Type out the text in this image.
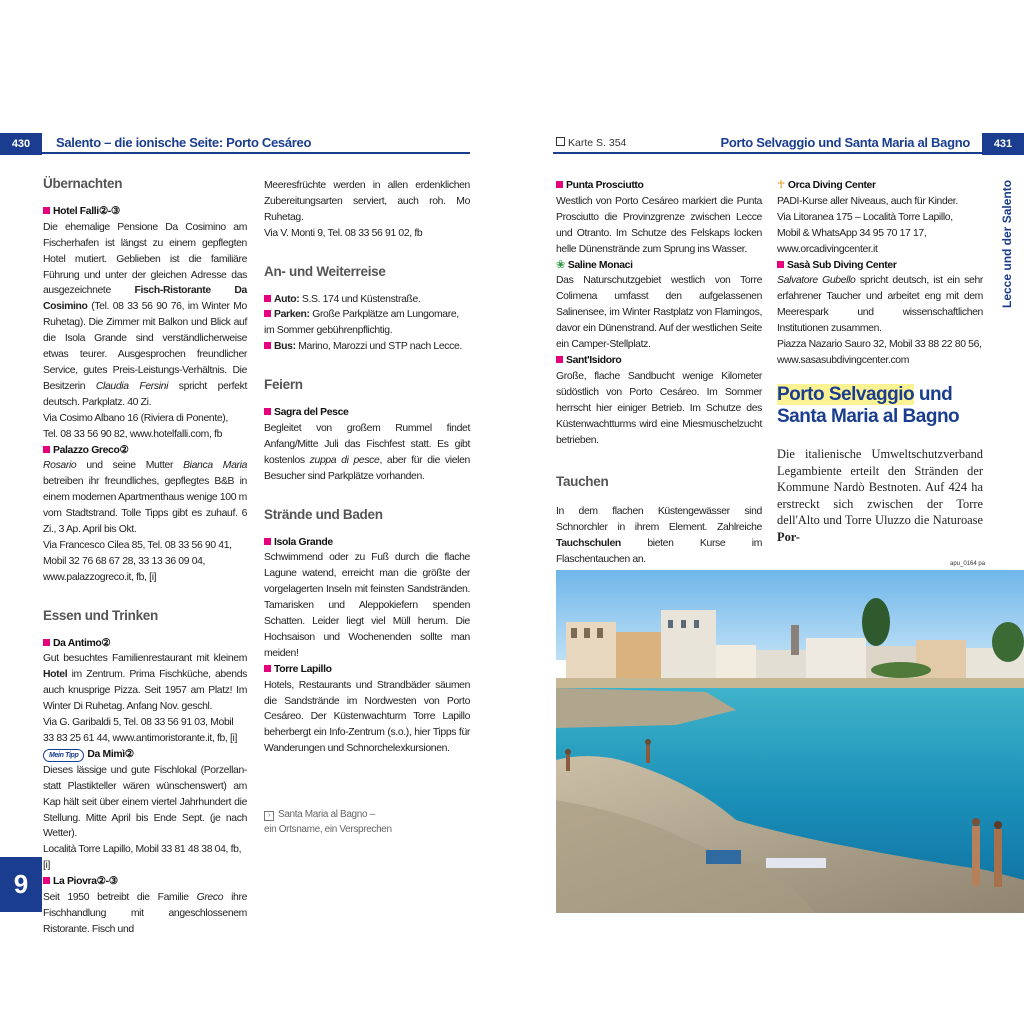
430	Salento – die ionische Seite: Porto Cesáreo
9

Übernachten

Hotel Falli②-③

Die ehemalige Pensione Da Cosimino am Fischerhafen ist längst zu einem gepflegten Hotel mutiert. Geblieben ist die familiäre Führung und unter der gleichen Adresse das ausgezeichnete Fisch-Ristorante Da Cosimino (Tel. 08 33 56 90 76, im Winter Mo Ruhetag). Die Zimmer mit Balkon und Blick auf die Isola Grande sind verständlicherweise etwas teurer. Ausgesprochen freundlicher Service, gutes Preis-Leistungs-Verhältnis. Die Besitzerin Claudia Fersini spricht perfekt deutsch. Parkplatz. 40 Zi.

Via Cosimo Albano 16 (Riviera di Ponente),

Tel. 08 33 56 90 82, www.hotelfalli.com, fb

Palazzo Greco②

Rosario und seine Mutter Bianca Maria betreiben ihr freundliches, gepflegtes B&B in einem modernen Apartmenthaus wenige 100 m vom Stadtstrand. Tolle Tipps gibt es zuhauf. 6 Zi., 3 Ap. April bis Okt.

Via Francesco Cilea 85, Tel. 08 33 56 90 41,

Mobil 32 76 68 67 28, 33 13 36 09 04,

www.palazzogreco.it, fb, [i]

Essen und Trinken

Da Antimo②

Gut besuchtes Familienrestaurant mit kleinem Hotel im Zentrum. Prima Fischküche, abends auch knusprige Pizza. Seit 1957 am Platz! Im Winter Di Ruhetag. Anfang Nov. geschl.

Via G. Garibaldi 5, Tel. 08 33 56 91 03, Mobil

33 83 25 61 44, www.antimoristorante.it, fb, [i]

Mein Tipp Da Mimì②

Dieses lässige und gute Fischlokal (Porzellan- statt Plastikteller wären wünschenswert) am Kap hält seit über einem viertel Jahrhundert die Stellung. Mitte April bis Ende Sept. (je nach Wetter).

Località Torre Lapillo, Mobil 33 81 48 38 04, fb, [i]

La Piovra②-③

Seit 1950 betreibt die Familie Greco ihre Fischhandlung mit angeschlossenem Ristorante. Fisch und

Meeresfrüchte werden in allen erdenklichen Zubereitungsarten serviert, auch roh. Mo Ruhetag.

Via V. Monti 9, Tel. 08 33 56 91 02, fb

An- und Weiterreise

Auto: S.S. 174 und Küstenstraße.

Parken: Große Parkplätze am Lungomare, im Sommer gebührenpflichtig.

Bus: Marino, Marozzi und STP nach Lecce.

Feiern

Sagra del Pesce

Begleitet von großem Rummel findet Anfang/Mitte Juli das Fischfest statt. Es gibt kostenlos zuppa di pesce, aber für die vielen Besucher sind Parkplätze vorhanden.

Strände und Baden

Isola Grande

Schwimmend oder zu Fuß durch die flache Lagune watend, erreicht man die größte der vorgelagerten Inseln mit feinsten Sandstränden. Tamarisken und Aleppokiefern spenden Schatten. Leider liegt viel Müll herum. Die Hochsaison und Wochenenden sollte man meiden!

Torre Lapillo

Hotels, Restaurants und Strandbäder säumen die Sandstrände im Nordwesten von Porto Cesáreo. Der Küstenwachturm Torre Lapillo beherbergt ein Info-Zentrum (s.o.), hier Tipps für Wanderungen und Schnorchelexkursionen.

› Santa Maria al Bagno –
ein Ortsname, ein Versprechen
Karte S. 354	Porto Selvaggio und Santa Maria al Bagno	431
Lecce und der Salento

Punta Prosciutto

Westlich von Porto Cesáreo markiert die Punta Prosciutto die Provinzgrenze zwischen Lecce und Otranto. Im Schutze des Felskaps locken helle Dünenstrände zum Sprung ins Wasser.

❀ Saline Monaci

Das Naturschutzgebiet westlich von Torre Colimena umfasst den aufgelassenen Salinensee, im Winter Rastplatz von Flamingos, davor ein Dünenstrand. Auf der westlichen Seite ein Camper-Stellplatz.

Sant'Isidoro

Große, flache Sandbucht wenige Kilometer südöstlich von Porto Cesáreo. Im Sommer herrscht hier einiger Betrieb. Im Schutze des Küstenwachtturms wird eine Miesmuschelzucht betrieben.

Tauchen

In dem flachen Küstengewässer sind Schnorchler in ihrem Element. Zahlreiche Tauchschulen bieten Kurse im Flaschentauchen an.

☥ Orca Diving Center

PADI-Kurse aller Niveaus, auch für Kinder.

Via Litoranea 175 – Località Torre Lapillo,

Mobil & WhatsApp 34 95 70 17 17,

www.orcadivingcenter.it

Sasà Sub Diving Center

Salvatore Gubello spricht deutsch, ist ein sehr erfahrener Taucher und arbeitet eng mit dem Meerespark und wissenschaftlichen Institutionen zusammen.

Piazza Nazario Sauro 32, Mobil 33 88 22 80 56,

www.sasasubdivingcenter.com

Porto Selvaggio und
Santa Maria al Bagno
Die italienische Umweltschutzverband Legambiente erteilt den Stränden der Kommune Nardò Bestnoten. Auf 424 ha erstreckt sich zwischen der Torre dell'Alto und Torre Uluzzo die Naturoase Por-
apu_0164 pa
